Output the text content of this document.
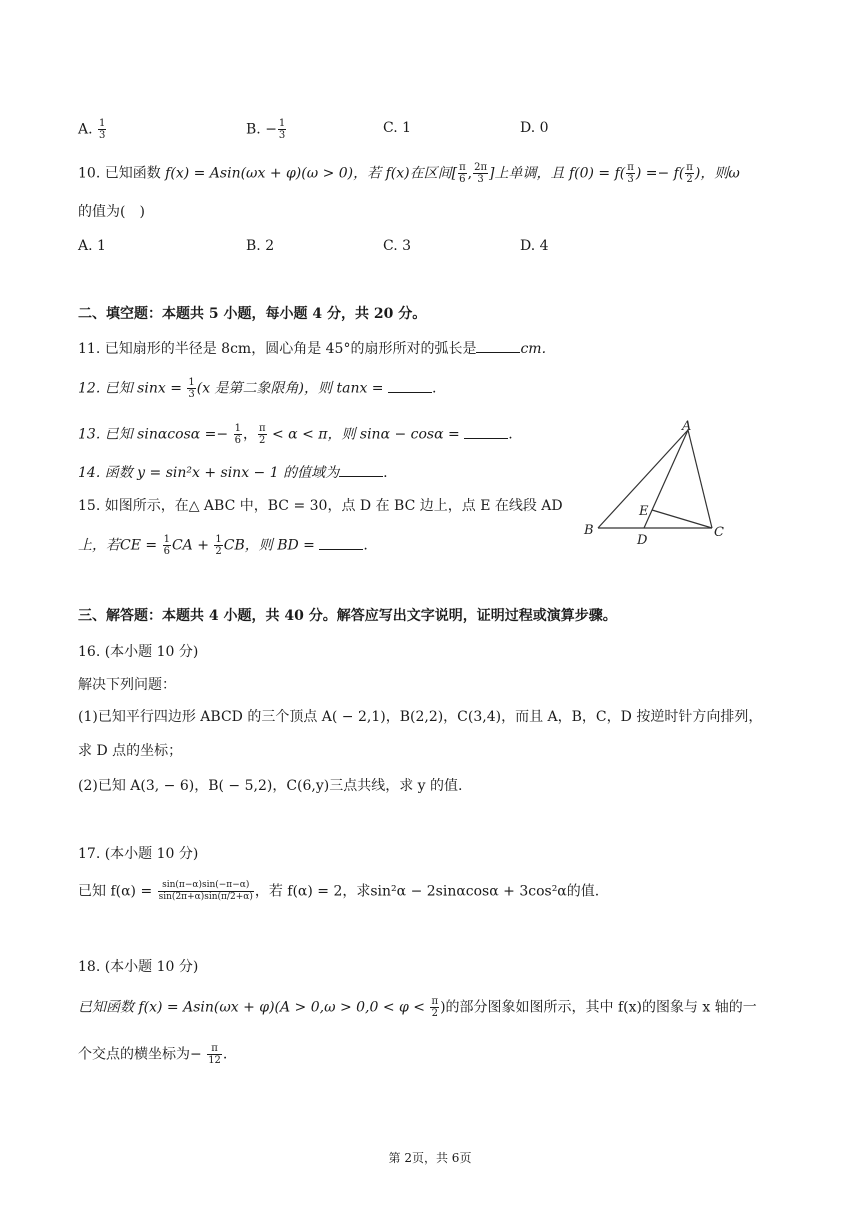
A. $\frac{1}{3}$	B. − $\frac{1}{3}$	C. 1	D. 0
10. 已知函数 f(x) = Asin(ωx + φ)(ω > 0)，若 f(x)在区间[ $\frac{\pi}{6}$ , $\frac{2\pi}{3}$ ]上单调，且 $f(0) = f( \frac{\pi}{3}$ ) =− $f( \frac{\pi}{2}$ )，则ω
的值为(　)
A. 1	B. 2	C. 3	D. 4
二、填空题：本题共 5 小题，每小题 4 分，共 20 分。
11. 已知扇形的半径是 8cm，圆心角是 45°的扇形所对的弧长是	cm.
12. 已知 $\sin x = \frac{1}{3} (x$ 是第二象限角)，则 tanx =	.
13. 已知 $\sin\alpha\cos\alpha =- \frac{1}{6}$ ， $\frac{\pi}{2} < \alpha < \pi$，则 sinα − cosα =	.
14. 函数 y = sin²x + sinx − 1 的值域为	.
15. 如图所示，在△ ABC 中，BC = 30，点 D 在 BC 边上，点 E 在线段 AD
上，若CE = $\frac{1}{6}$ CA + $\frac{1}{2}$ CB，则 BD =	.
A
B	C
D
E
三、解答题：本题共 4 小题，共 40 分。解答应写出文字说明，证明过程或演算步骤。
16. (本小题 10 分)
解决下列问题：
(1)已知平行四边形 ABCD 的三个顶点 A( − 2,1)，B(2,2)，C(3,4)，而且 A，B，C，D 按逆时针方向排列，
求 D 点的坐标；
(2)已知 A(3, − 6)，B( − 5,2)，C(6,y)三点共线，求 y 的值.
17. (本小题 10 分)
已知 $f(\alpha) = \frac{\sin(\pi-\alpha)\sin(-\pi-\alpha)}{\sin(2\pi+\alpha)\sin(\pi/2+\alpha)}$ ，若 f(α) = 2，求sin²α − 2sinαcosα + 3cos²α的值.
18. (本小题 10 分)
已知函数 $f(x) = Asin(\omega x + \varphi)(A > 0,\omega > 0,0 < \varphi < \frac{\pi}{2}$ )的部分图象如图所示，其中 f(x)的图象与 x 轴的一
个交点的横坐标为− $\frac{\pi}{12}$ .
第 2页，共 6页
